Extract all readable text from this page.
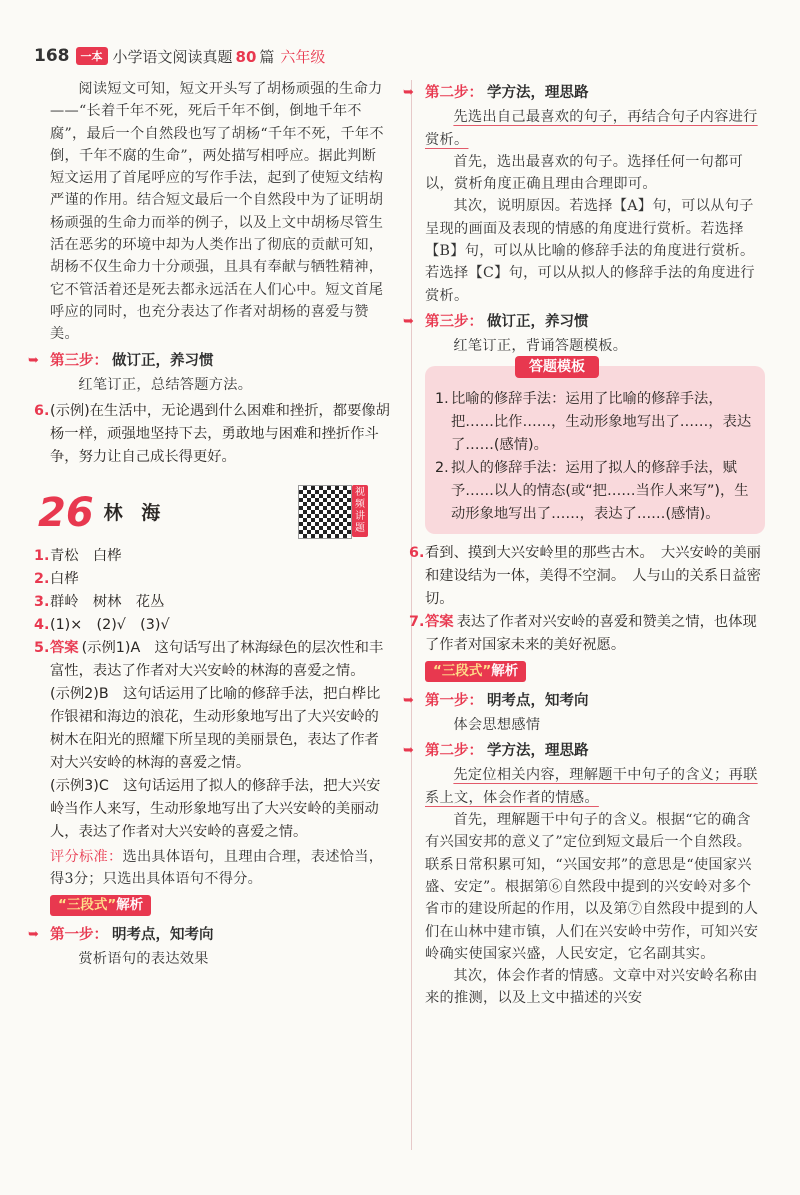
168	一本 小学语文阅读真题 80 篇 六年级

阅读短文可知，短文开头写了胡杨顽强的生命力——“长着千年不死，死后千年不倒，倒地千年不腐”，最后一个自然段也写了胡杨“千年不死，千年不倒，千年不腐的生命”，两处描写相呼应。据此判断短文运用了首尾呼应的写作手法，起到了使短文结构严谨的作用。结合短文最后一个自然段中为了证明胡杨顽强的生命力而举的例子，以及上文中胡杨尽管生活在恶劣的环境中却为人类作出了彻底的贡献可知，胡杨不仅生命力十分顽强，且具有奉献与牺牲精神，它不管活着还是死去都永远活在人们心中。短文首尾呼应的同时，也充分表达了作者对胡杨的喜爱与赞美。

➥ 第三步： 做订正，养习惯

红笔订正，总结答题方法。

6. (示例)在生活中，无论遇到什么困难和挫折，都要像胡杨一样，顽强地坚持下去，勇敢地与困难和挫折作斗争，努力让自己成长得更好。
26 林 海
视频讲题
1. 青松　白桦
2. 白桦
3. 群岭　树林　花丛
4. (1)×　(2)√　(3)√
5. 答案 (示例1)A　这句话写出了林海绿色的层次性和丰富性，表达了作者对大兴安岭的林海的喜爱之情。

(示例2)B　这句话运用了比喻的修辞手法，把白桦比作银裙和海边的浪花，生动形象地写出了大兴安岭的树木在阳光的照耀下所呈现的美丽景色，表达了作者对大兴安岭的林海的喜爱之情。

(示例3)C　这句话运用了拟人的修辞手法，把大兴安岭当作人来写，生动形象地写出了大兴安岭的美丽动人，表达了作者对大兴安岭的喜爱之情。

评分标准：选出具体语句，且理由合理，表述恰当，得3分；只选出具体语句不得分。

“三段式”解析
➥ 第一步： 明考点，知考向

赏析语句的表达效果

➥ 第二步： 学方法，理思路

先选出自己最喜欢的句子，再结合句子内容进行赏析。

首先，选出最喜欢的句子。选择任何一句都可以，赏析角度正确且理由合理即可。

其次，说明原因。若选择【A】句，可以从句子呈现的画面及表现的情感的角度进行赏析。若选择【B】句，可以从比喻的修辞手法的角度进行赏析。若选择【C】句，可以从拟人的修辞手法的角度进行赏析。

➥ 第三步： 做订正，养习惯

红笔订正，背诵答题模板。

答题模板
1. 比喻的修辞手法：运用了比喻的修辞手法，把……比作……，生动形象地写出了……，表达了……(感情)。
2. 拟人的修辞手法：运用了拟人的修辞手法，赋予……以人的情态(或“把……当作人来写”)，生动形象地写出了……，表达了……(感情)。
6. 看到、摸到大兴安岭里的那些古木。　大兴安岭的美丽和建设结为一体，美得不空洞。　人与山的关系日益密切。
7. 答案 表达了作者对兴安岭的喜爱和赞美之情，也体现了作者对国家未来的美好祝愿。
“三段式”解析
➥ 第一步： 明考点，知考向

体会思想感情

➥ 第二步： 学方法，理思路

先定位相关内容，理解题干中句子的含义；再联系上文，体会作者的情感。

首先，理解题干中句子的含义。根据“它的确含有兴国安邦的意义了”定位到短文最后一个自然段。联系日常积累可知，“兴国安邦”的意思是“使国家兴盛、安定”。根据第⑥自然段中提到的兴安岭对多个省市的建设所起的作用，以及第⑦自然段中提到的人们在山林中建市镇，人们在兴安岭中劳作，可知兴安岭确实使国家兴盛，人民安定，它名副其实。

其次，体会作者的情感。文章中对兴安岭名称由来的推测，以及上文中描述的兴安
